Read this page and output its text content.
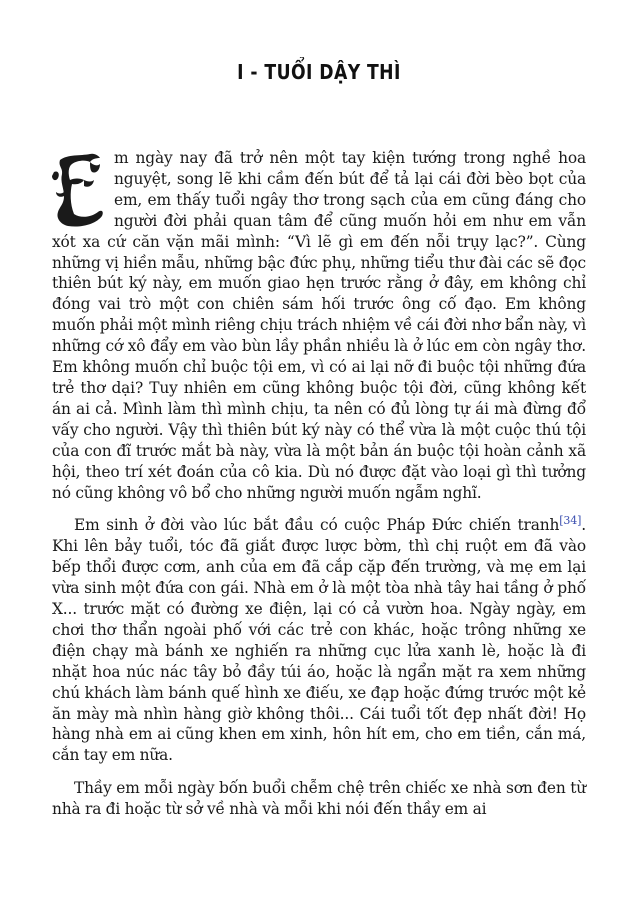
I - TUỔI DẬY THÌ

m ngày nay đã trở nên một tay kiện tướng trong nghề hoa nguyệt, song lẽ khi cầm đến bút để tả lại cái đời bèo bọt của em, em thấy tuổi ngây thơ trong sạch của em cũng đáng cho người đời phải quan tâm để cũng muốn hỏi em như em vẫn xót xa cứ căn vặn mãi mình: “Vì lẽ gì em đến nỗi trụy lạc?”. Cùng những vị hiền mẫu, những bậc đức phụ, những tiểu thư đài các sẽ đọc thiên bút ký này, em muốn giao hẹn trước rằng ở đây, em không chỉ đóng vai trò một con chiên sám hối trước ông cố đạo. Em không muốn phải một mình riêng chịu trách nhiệm về cái đời nhơ bẩn này, vì những cớ xô đẩy em vào bùn lầy phần nhiều là ở lúc em còn ngây thơ. Em không muốn chỉ buộc tội em, vì có ai lại nỡ đi buộc tội những đứa trẻ thơ dại? Tuy nhiên em cũng không buộc tội đời, cũng không kết án ai cả. Mình làm thì mình chịu, ta nên có đủ lòng tự ái mà đừng đổ vấy cho người. Vậy thì thiên bút ký này có thể vừa là một cuộc thú tội của con đĩ trước mắt bà này, vừa là một bản án buộc tội hoàn cảnh xã hội, theo trí xét đoán của cô kia. Dù nó được đặt vào loại gì thì tưởng nó cũng không vô bổ cho những người muốn ngẫm nghĩ.

Em sinh ở đời vào lúc bắt đầu có cuộc Pháp Đức chiến tranh[34]. Khi lên bảy tuổi, tóc đã giắt được lược bờm, thì chị ruột em đã vào bếp thổi được cơm, anh của em đã cắp cặp đến trường, và mẹ em lại vừa sinh một đứa con gái. Nhà em ở là một tòa nhà tây hai tầng ở phố X... trước mặt có đường xe điện, lại có cả vườn hoa. Ngày ngày, em chơi thơ thẩn ngoài phố với các trẻ con khác, hoặc trông những xe điện chạy mà bánh xe nghiến ra những cục lửa xanh lè, hoặc là đi nhặt hoa núc nác tây bỏ đầy túi áo, hoặc là ngẩn mặt ra xem những chú khách làm bánh quế hình xe điếu, xe đạp hoặc đứng trước một kẻ ăn mày mà nhìn hàng giờ không thôi... Cái tuổi tốt đẹp nhất đời! Họ hàng nhà em ai cũng khen em xinh, hôn hít em, cho em tiền, cắn má, cắn tay em nữa.

Thầy em mỗi ngày bốn buổi chễm chệ trên chiếc xe nhà sơn đen từ nhà ra đi hoặc từ sở về nhà và mỗi khi nói đến thầy em ai
